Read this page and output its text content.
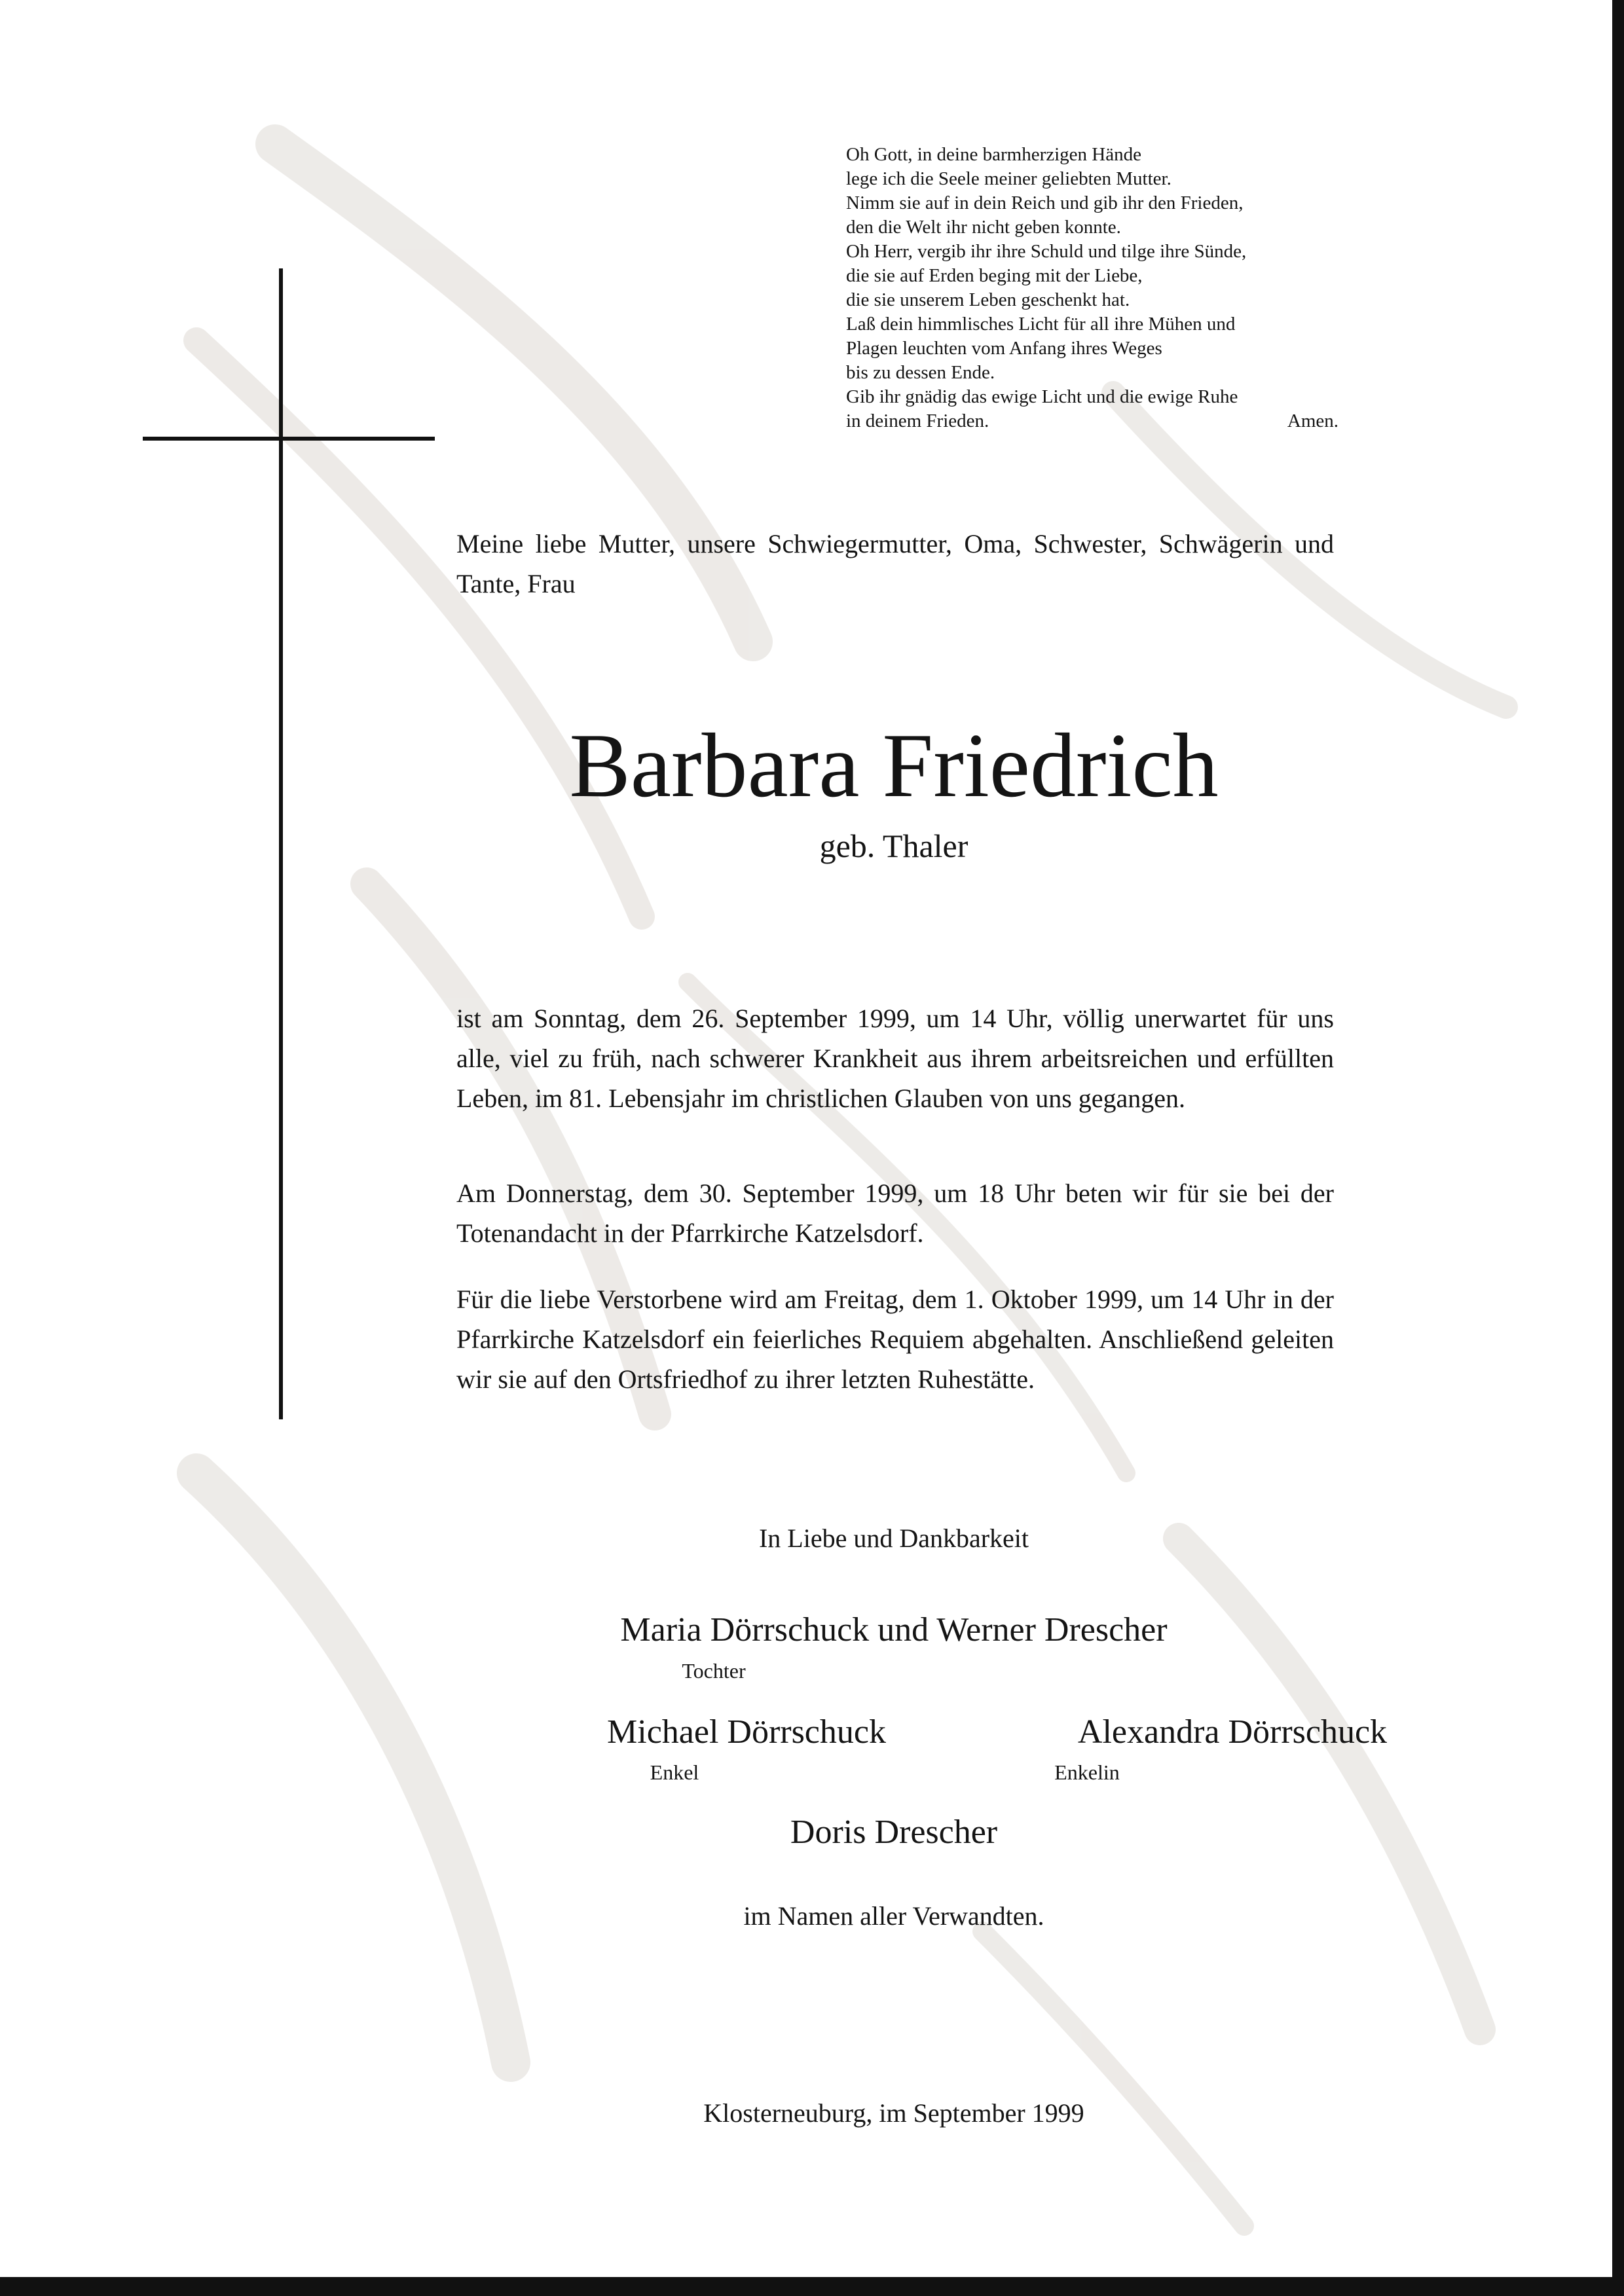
Oh Gott, in deine barmherzigen Hände
lege ich die Seele meiner geliebten Mutter.
Nimm sie auf in dein Reich und gib ihr den Frieden,
den die Welt ihr nicht geben konnte.
Oh Herr, vergib ihr ihre Schuld und tilge ihre Sünde,
die sie auf Erden beging mit der Liebe,
die sie unserem Leben geschenkt hat.
Laß dein himmlisches Licht für all ihre Mühen und
Plagen leuchten vom Anfang ihres Weges
bis zu dessen Ende.
Gib ihr gnädig das ewige Licht und die ewige Ruhe
in deinem Frieden.	Amen.

Meine liebe Mutter, unsere Schwiegermutter, Oma, Schwester, Schwägerin und Tante, Frau

Barbara Friedrich
geb. Thaler

ist am Sonntag, dem 26. September 1999, um 14 Uhr, völlig unerwartet für uns alle, viel zu früh, nach schwerer Krankheit aus ihrem arbeitsreichen und erfüllten Leben, im 81. Lebensjahr im christlichen Glauben von uns gegangen.

Am Donnerstag, dem 30. September 1999, um 18 Uhr beten wir für sie bei der Totenandacht in der Pfarrkirche Katzelsdorf.

Für die liebe Verstorbene wird am Freitag, dem 1. Oktober 1999, um 14 Uhr in der Pfarrkirche Katzelsdorf ein feierliches Requiem abgehalten. Anschließend geleiten wir sie auf den Ortsfriedhof zu ihrer letzten Ruhestätte.

In Liebe und Dankbarkeit
Maria Dörrschuck und Werner Drescher
Tochter
Michael Dörrschuck
Enkel
Alexandra Dörrschuck
Enkelin
Doris Drescher
im Namen aller Verwandten.
Klosterneuburg, im September 1999
